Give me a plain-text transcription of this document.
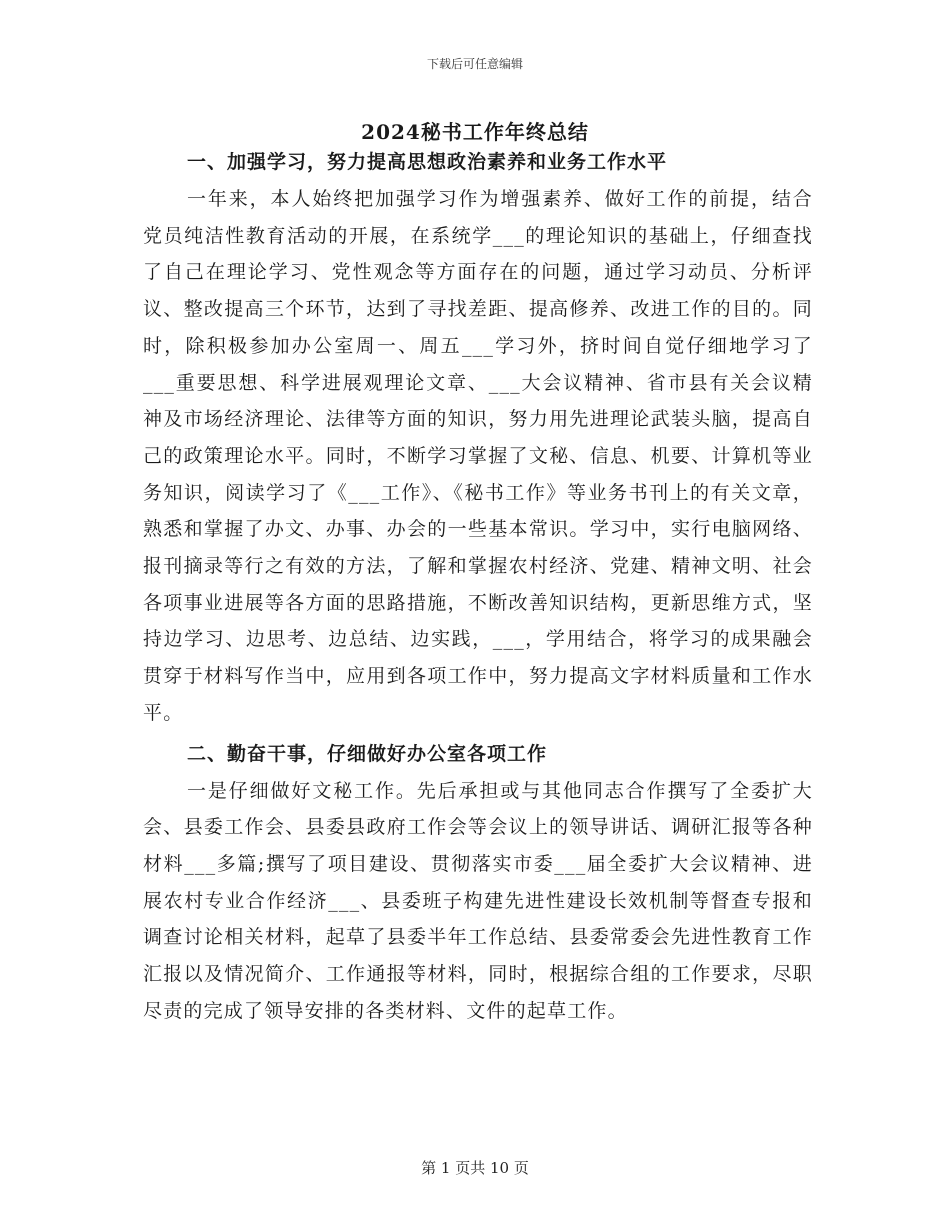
下载后可任意编辑
2024秘书工作年终总结

一、加强学习，努力提高思想政治素养和业务工作水平

一年来，本人始终把加强学习作为增强素养、做好工作的前提，结合党员纯洁性教育活动的开展，在系统学___的理论知识的基础上，仔细查找了自己在理论学习、党性观念等方面存在的问题，通过学习动员、分析评议、整改提高三个环节，达到了寻找差距、提高修养、改进工作的目的。同时，除积极参加办公室周一、周五___学习外，挤时间自觉仔细地学习了___重要思想、科学进展观理论文章、___大会议精神、省市县有关会议精神及市场经济理论、法律等方面的知识，努力用先进理论武装头脑，提高自己的政策理论水平。同时，不断学习掌握了文秘、信息、机要、计算机等业务知识，阅读学习了《___工作》、《秘书工作》等业务书刊上的有关文章，熟悉和掌握了办文、办事、办会的一些基本常识。学习中，实行电脑网络、报刊摘录等行之有效的方法，了解和掌握农村经济、党建、精神文明、社会各项事业进展等各方面的思路措施，不断改善知识结构，更新思维方式，坚持边学习、边思考、边总结、边实践，___，学用结合，将学习的成果融会贯穿于材料写作当中，应用到各项工作中，努力提高文字材料质量和工作水平。

二、勤奋干事，仔细做好办公室各项工作

一是仔细做好文秘工作。先后承担或与其他同志合作撰写了全委扩大会、县委工作会、县委县政府工作会等会议上的领导讲话、调研汇报等各种材料___多篇;撰写了项目建设、贯彻落实市委___届全委扩大会议精神、进展农村专业合作经济___、县委班子构建先进性建设长效机制等督查专报和调查讨论相关材料，起草了县委半年工作总结、县委常委会先进性教育工作汇报以及情况简介、工作通报等材料，同时，根据综合组的工作要求，尽职尽责的完成了领导安排的各类材料、文件的起草工作。

第 1 页共 10 页
